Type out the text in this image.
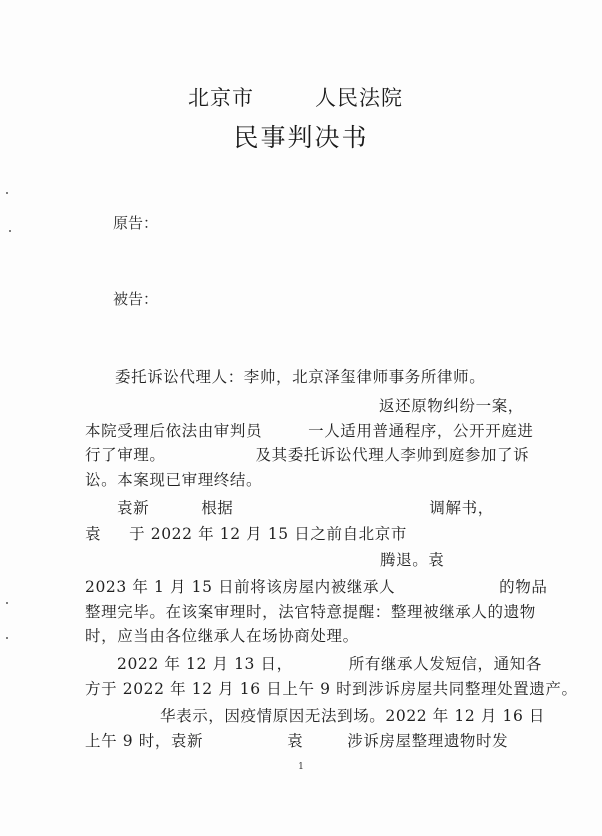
北京市	人民法院
民事判决书
原告：
被告：
委托诉讼代理人：李帅，北京泽玺律师事务所律师。
返还原物纠纷一案，
本院受理后依法由审判员	一人适用普通程序，公开开庭进
行了审理。	及其委托诉讼代理人李帅到庭参加了诉
讼。本案现已审理终结。
袁新	根据	调解书，
袁 于 2022 年 12 月 15 日之前自北京市
腾退。袁
2023 年 1 月 15 日前将该房屋内被继承人	的物品
整理完毕。在该案审理时，法官特意提醒：整理被继承人的遗物
时，应当由各位继承人在场协商处理。
2022 年 12 月 13 日，	所有继承人发短信，通知各
方于 2022 年 12 月 16 日上午 9 时到涉诉房屋共同整理处置遗产。
华表示，因疫情原因无法到场。2022 年 12 月 16 日
上午 9 时，袁新	袁	涉诉房屋整理遗物时发
1
